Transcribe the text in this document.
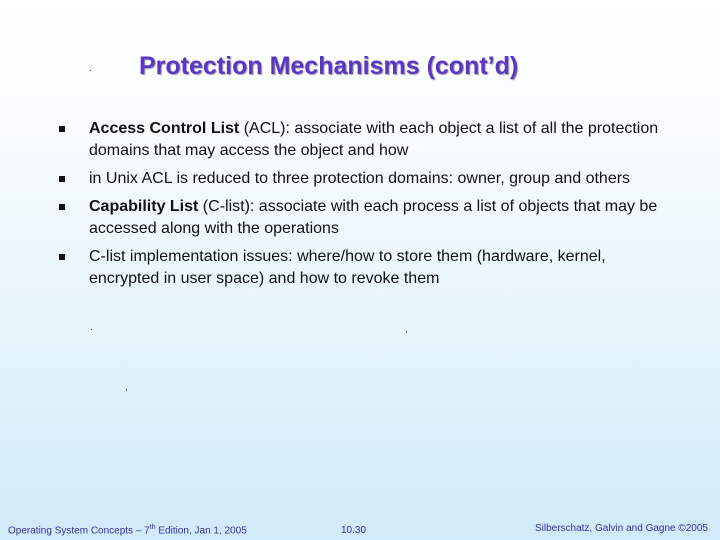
. Protection Mechanisms (cont’d)
Access Control List (ACL): associate with each object a list of all the protection domains that may access the object and how
in Unix ACL is reduced to three protection domains: owner, group and others
Capability List (C-list): associate with each process a list of objects that may be accessed along with the operations
C-list implementation issues: where/how to store them (hardware, kernel, encrypted in user space) and how to revoke them
.	,
,
Operating System Concepts – 7th Edition, Jan 1, 2005	10.30	Silberschatz, Galvin and Gagne ©2005
